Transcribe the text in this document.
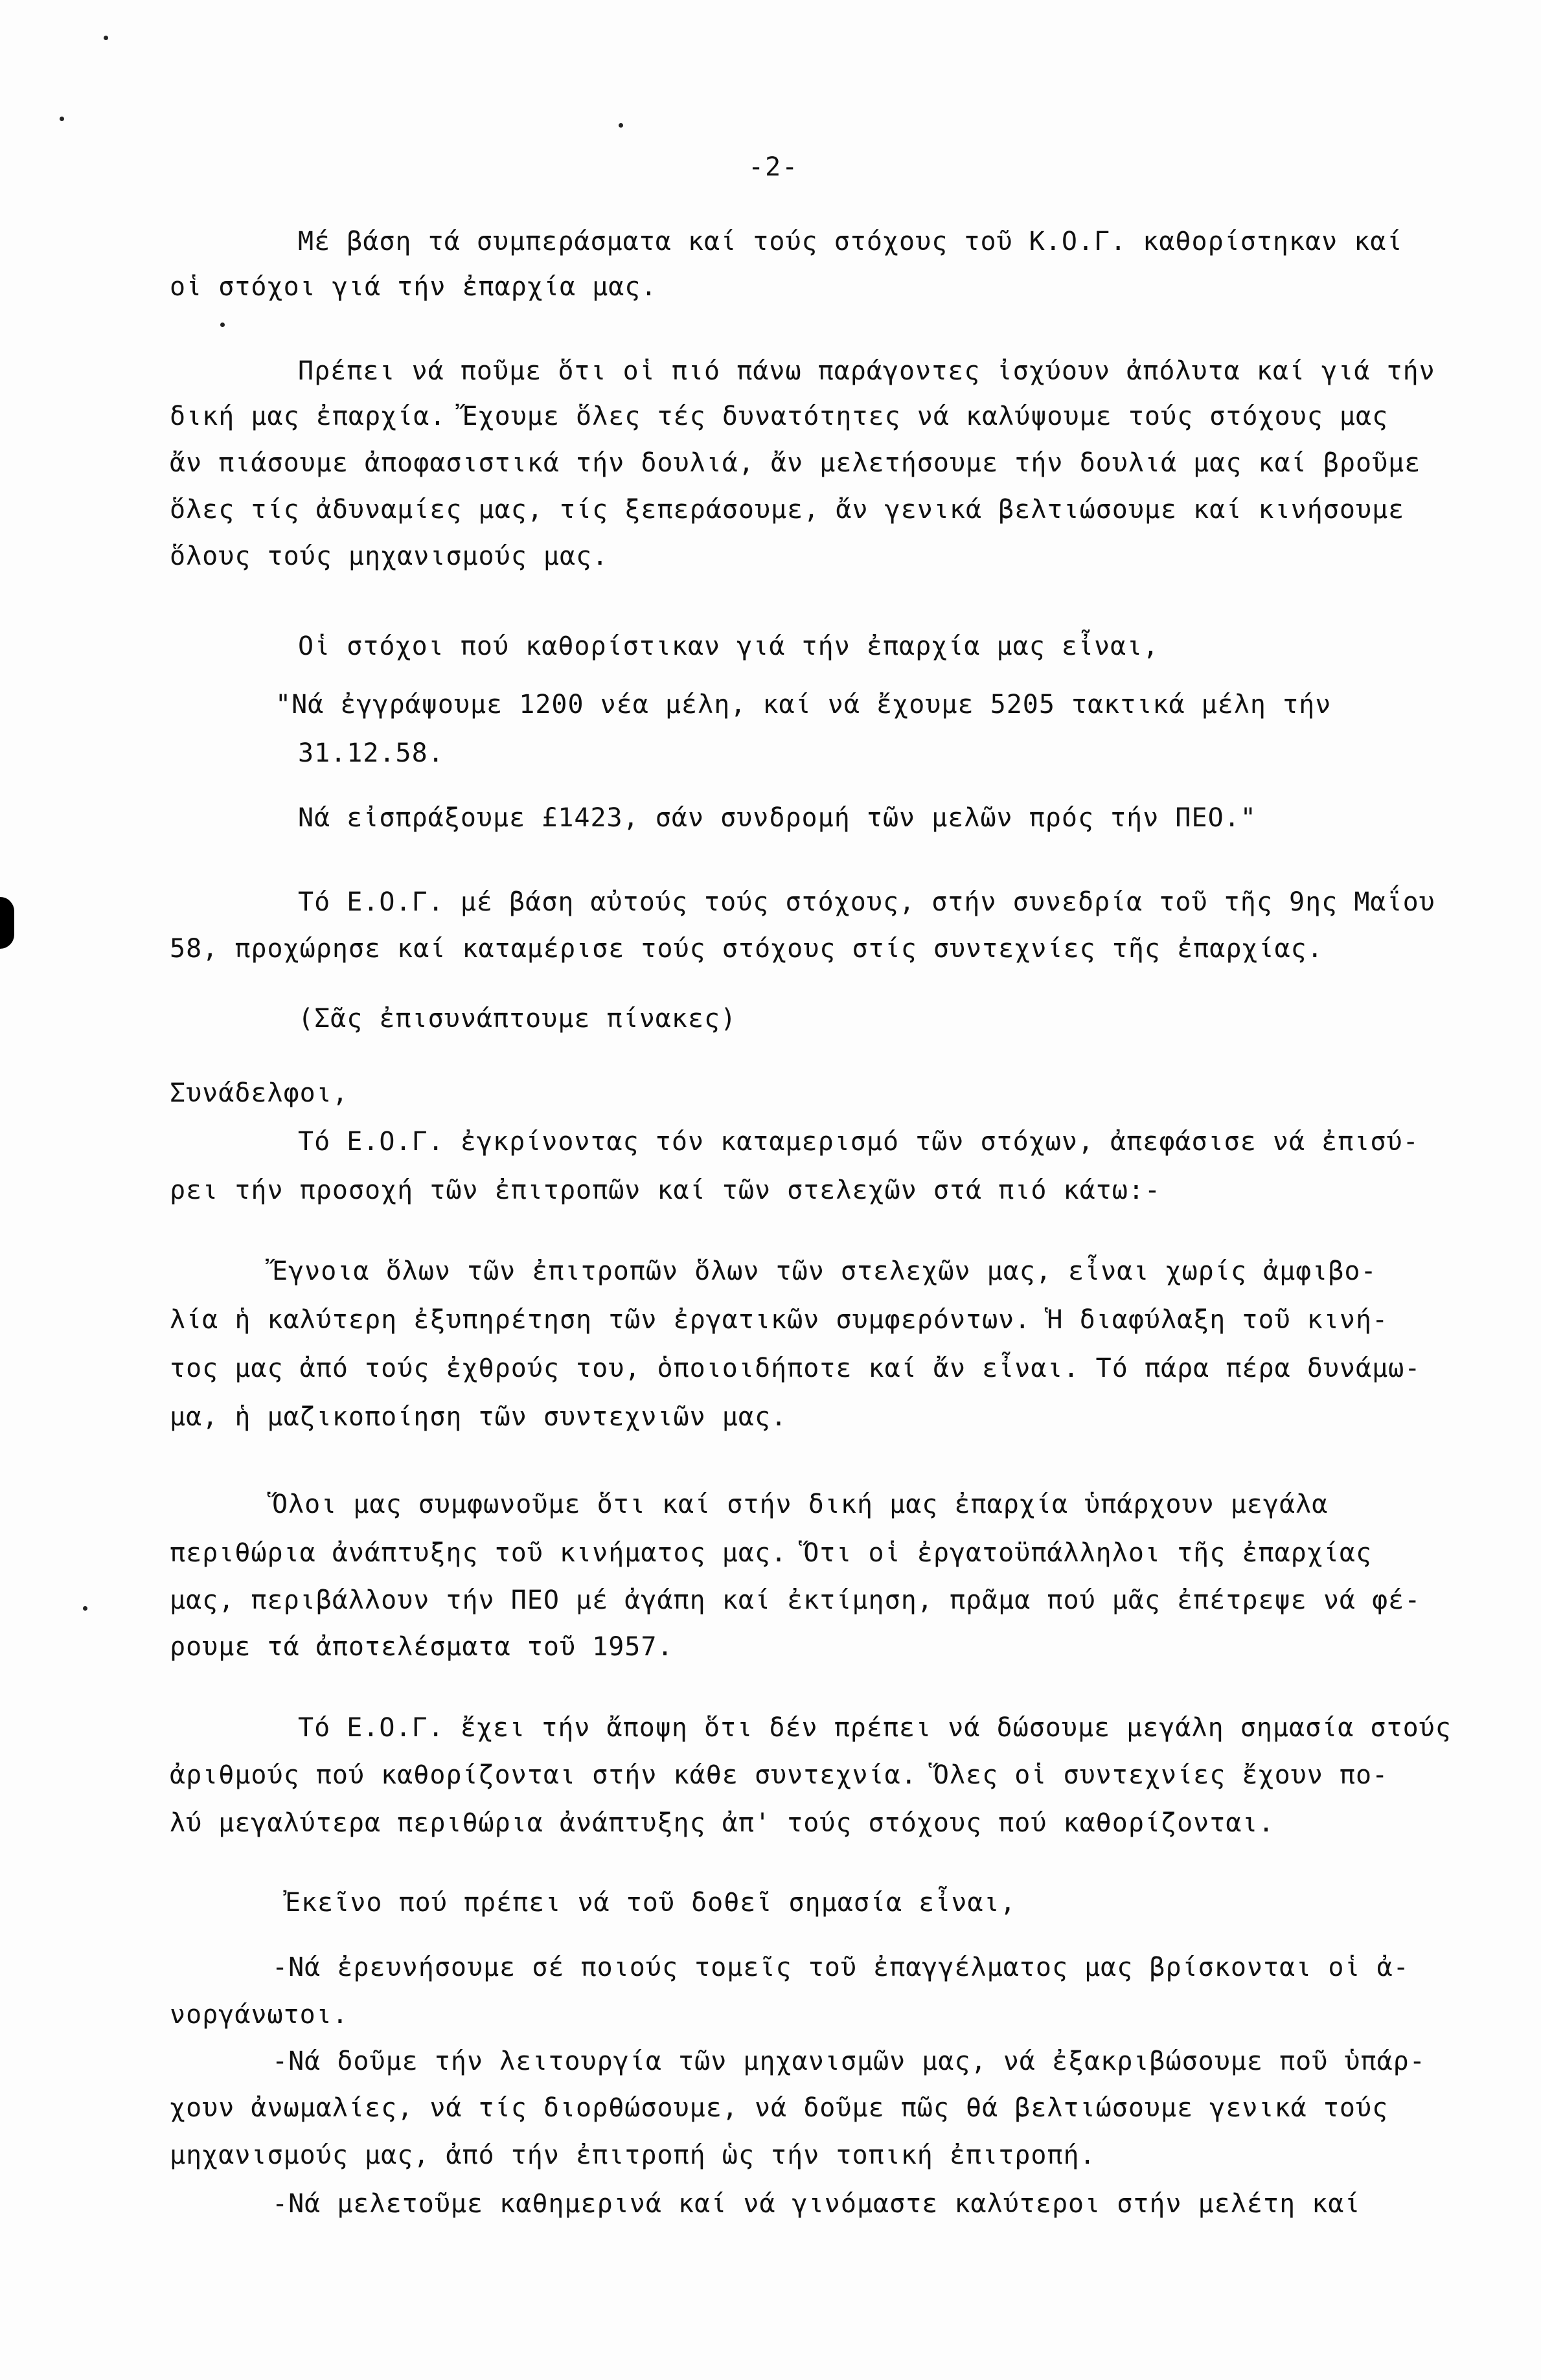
-2-
Μέ βάση τά συμπεράσματα καί τούς στόχους τοῦ Κ.Ο.Γ. καθορίστηκαν καί
οἱ στόχοι γιά τήν ἐπαρχία μας.
Πρέπει νά ποῦμε ὅτι οἱ πιό πάνω παράγοντες ἰσχύουν ἀπόλυτα καί γιά τήν
δική μας ἐπαρχία. Ἔχουμε ὅλες τές δυνατότητες νά καλύψουμε τούς στόχους μας
ἄν πιάσουμε ἀποφασιστικά τήν δουλιά, ἄν μελετήσουμε τήν δουλιά μας καί βροῦμε
ὅλες τίς ἀδυναμίες μας, τίς ξεπεράσουμε, ἄν γενικά βελτιώσουμε καί κινήσουμε
ὅλους τούς μηχανισμούς μας.
Οἱ στόχοι πού καθορίστικαν γιά τήν ἐπαρχία μας εἶναι,
"Νά ἐγγράψουμε 1200 νέα μέλη, καί νά ἔχουμε 5205 τακτικά μέλη τήν
31.12.58.
Νά εἰσπράξουμε £1423, σάν συνδρομή τῶν μελῶν πρός τήν ΠΕΟ."
Τό Ε.Ο.Γ. μέ βάση αὐτούς τούς στόχους, στήν συνεδρία τοῦ τῆς 9ης Μαΐου
58, προχώρησε καί καταμέρισε τούς στόχους στίς συντεχνίες τῆς ἐπαρχίας.
(Σᾶς ἐπισυνάπτουμε πίνακες)
Συνάδελφοι,
Τό Ε.Ο.Γ. ἐγκρίνοντας τόν καταμερισμό τῶν στόχων, ἀπεφάσισε νά ἐπισύ-
ρει τήν προσοχή τῶν ἐπιτροπῶν καί τῶν στελεχῶν στά πιό κάτω:-
Ἔγνοια ὅλων τῶν ἐπιτροπῶν ὅλων τῶν στελεχῶν μας, εἶναι χωρίς ἀμφιβο-
λία ἡ καλύτερη ἐξυπηρέτηση τῶν ἐργατικῶν συμφερόντων. Ἡ διαφύλαξη τοῦ κινή-
τος μας ἀπό τούς ἐχθρούς του, ὁποιοιδήποτε καί ἄν εἶναι. Τό πάρα πέρα δυνάμω-
μα, ἡ μαζικοποίηση τῶν συντεχνιῶν μας.
Ὅλοι μας συμφωνοῦμε ὅτι καί στήν δική μας ἐπαρχία ὑπάρχουν μεγάλα
περιθώρια ἀνάπτυξης τοῦ κινήματος μας. Ὅτι οἱ ἐργατοϋπάλληλοι τῆς ἐπαρχίας
μας, περιβάλλουν τήν ΠΕΟ μέ ἀγάπη καί ἐκτίμηση, πρᾶμα πού μᾶς ἐπέτρεψε νά φέ-
ρουμε τά ἀποτελέσματα τοῦ 1957.
Τό Ε.Ο.Γ. ἔχει τήν ἄποψη ὅτι δέν πρέπει νά δώσουμε μεγάλη σημασία στούς
ἀριθμούς πού καθορίζονται στήν κάθε συντεχνία. Ὅλες οἱ συντεχνίες ἔχουν πο-
λύ μεγαλύτερα περιθώρια ἀνάπτυξης ἀπ' τούς στόχους πού καθορίζονται.
Ἐκεῖνο πού πρέπει νά τοῦ δοθεῖ σημασία εἶναι,
-Νά ἐρευνήσουμε σέ ποιούς τομεῖς τοῦ ἐπαγγέλματος μας βρίσκονται οἱ ἀ-
νοργάνωτοι.
-Νά δοῦμε τήν λειτουργία τῶν μηχανισμῶν μας, νά ἐξακριβώσουμε ποῦ ὑπάρ-
χουν ἀνωμαλίες, νά τίς διορθώσουμε, νά δοῦμε πῶς θά βελτιώσουμε γενικά τούς
μηχανισμούς μας, ἀπό τήν ἐπιτροπή ὡς τήν τοπική ἐπιτροπή.
-Νά μελετοῦμε καθημερινά καί νά γινόμαστε καλύτεροι στήν μελέτη καί
